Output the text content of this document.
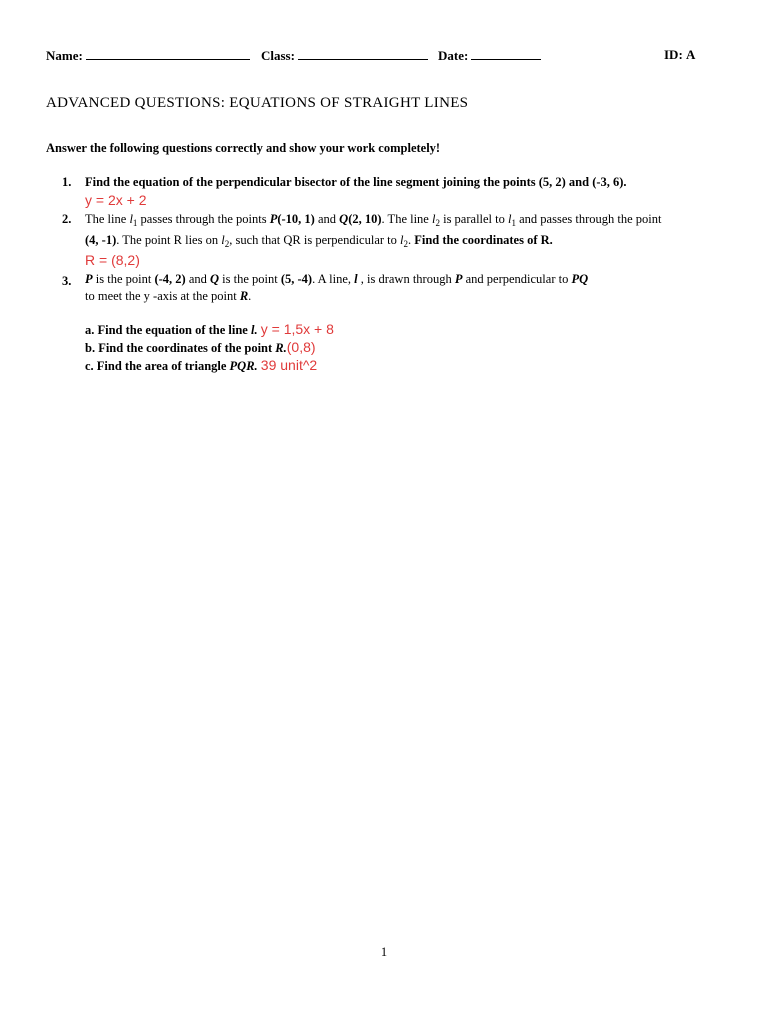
Name:	Class:	Date:	ID: A
ADVANCED QUESTIONS: EQUATIONS OF STRAIGHT LINES
Answer the following questions correctly and show your work completely!
1. Find the equation of the perpendicular bisector of the line segment joining the points (5, 2) and (-3, 6).
y = 2x + 2
2. The line $l_1$ passes through the points P(-10, 1) and Q(2, 10). The line $l_2$ is parallel to $l_1$ and passes through the point
(4, -1). The point R lies on $l_2$, such that QR is perpendicular to $l_2$. Find the coordinates of R.
R = (8,2)
3. P is the point (-4, 2) and Q is the point (5, -4). A line, l , is drawn through P and perpendicular to PQ
to meet the y -axis at the point R.
a. Find the equation of the line l. y = 1,5x + 8
b. Find the coordinates of the point R.(0,8)
c. Find the area of triangle PQR. 39 unit^2
1
